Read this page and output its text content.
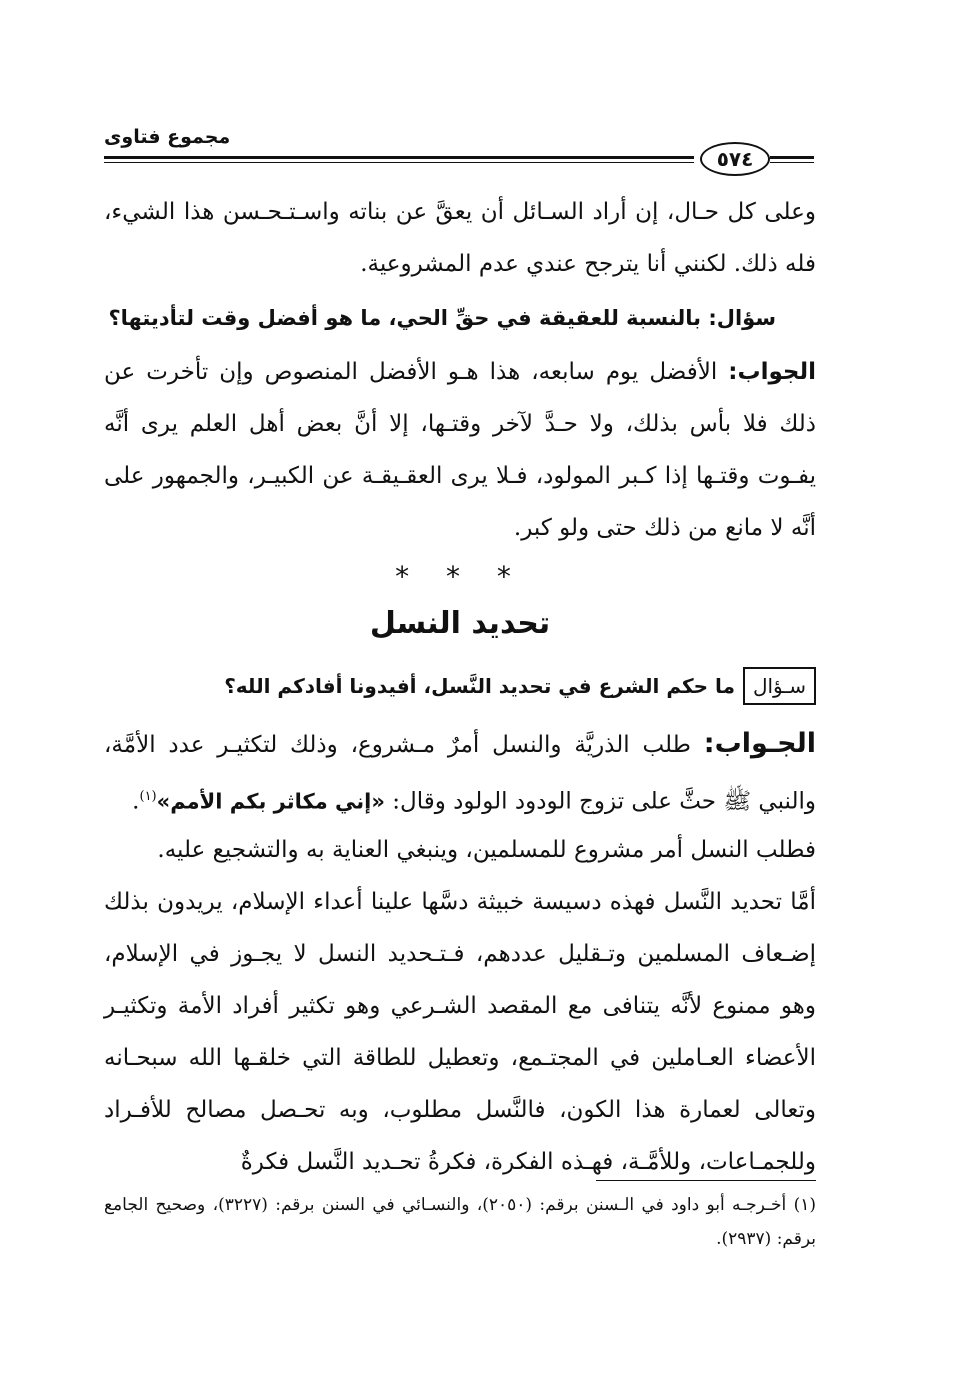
مجموع فتاوى
٥٧٤
وعلى كل حـال، إن أراد السـائل أن يعقَّ عن بناته واسـتـحـسن هذا الشيء، فله ذلك. لكنني أنا يترجح عندي عدم المشروعية.
سؤال: بالنسبة للعقيقة في حقِّ الحي، ما هو أفضل وقت لتأديتها؟
الجواب: الأفضل يوم سابعه، هذا هـو الأفضل المنصوص وإن تأخرت عن ذلك فلا بأس بذلك، ولا حـدَّ لآخر وقتـها، إلا أنَّ بعض أهل العلم يرى أنَّه يفـوت وقتـها إذا كـبر المولود، فـلا يرى العقـيقـة عن الكبيـر، والجمهور على أنَّه لا مانع من ذلك حتى ولو كبر.
* * *
تحديد النسل
سـؤالما حكم الشرع في تحديد النَّسل، أفيدونا أفادكم الله؟
الجـواب: طلب الذريَّة والنسل أمرٌ مـشروع، وذلك لتكثيـر عدد الأمَّة، والنبي ﷺ حثَّ على تزوج الودود الولود وقال: «إني مكاثر بكم الأمم»$^{(١)}$.
فطلب النسل أمر مشروع للمسلمين، وينبغي العناية به والتشجيع عليه.
أمَّا تحديد النَّسل فهذه دسيسة خبيثة دسَّها علينا أعداء الإسلام، يريدون بذلك إضـعاف المسلمين وتـقليل عددهم، فـتـحديد النسل لا يجـوز في الإسلام، وهو ممنوع لأنَّه يتنافى مع المقصد الشـرعي وهو تكثير أفراد الأمة وتكثيـر الأعضاء العـاملين في المجتـمع، وتعطيل للطاقة التي خلقـها الله سبحـانه وتعالى لعمارة هذا الكون، فالنَّسل مطلوب، وبه تحـصل مصالح للأفـراد وللجمـاعات، وللأمَّـة، فهـذه الفكرة، فكرةُ تحـديد النَّسل فكرةٌ
(١) أخـرجـه أبو داود في الـسنن برقم: (٢٠٥٠)، والنسـائي في السنن برقم: (٣٢٢٧)، وصحيح الجامع برقم: (٢٩٣٧).
